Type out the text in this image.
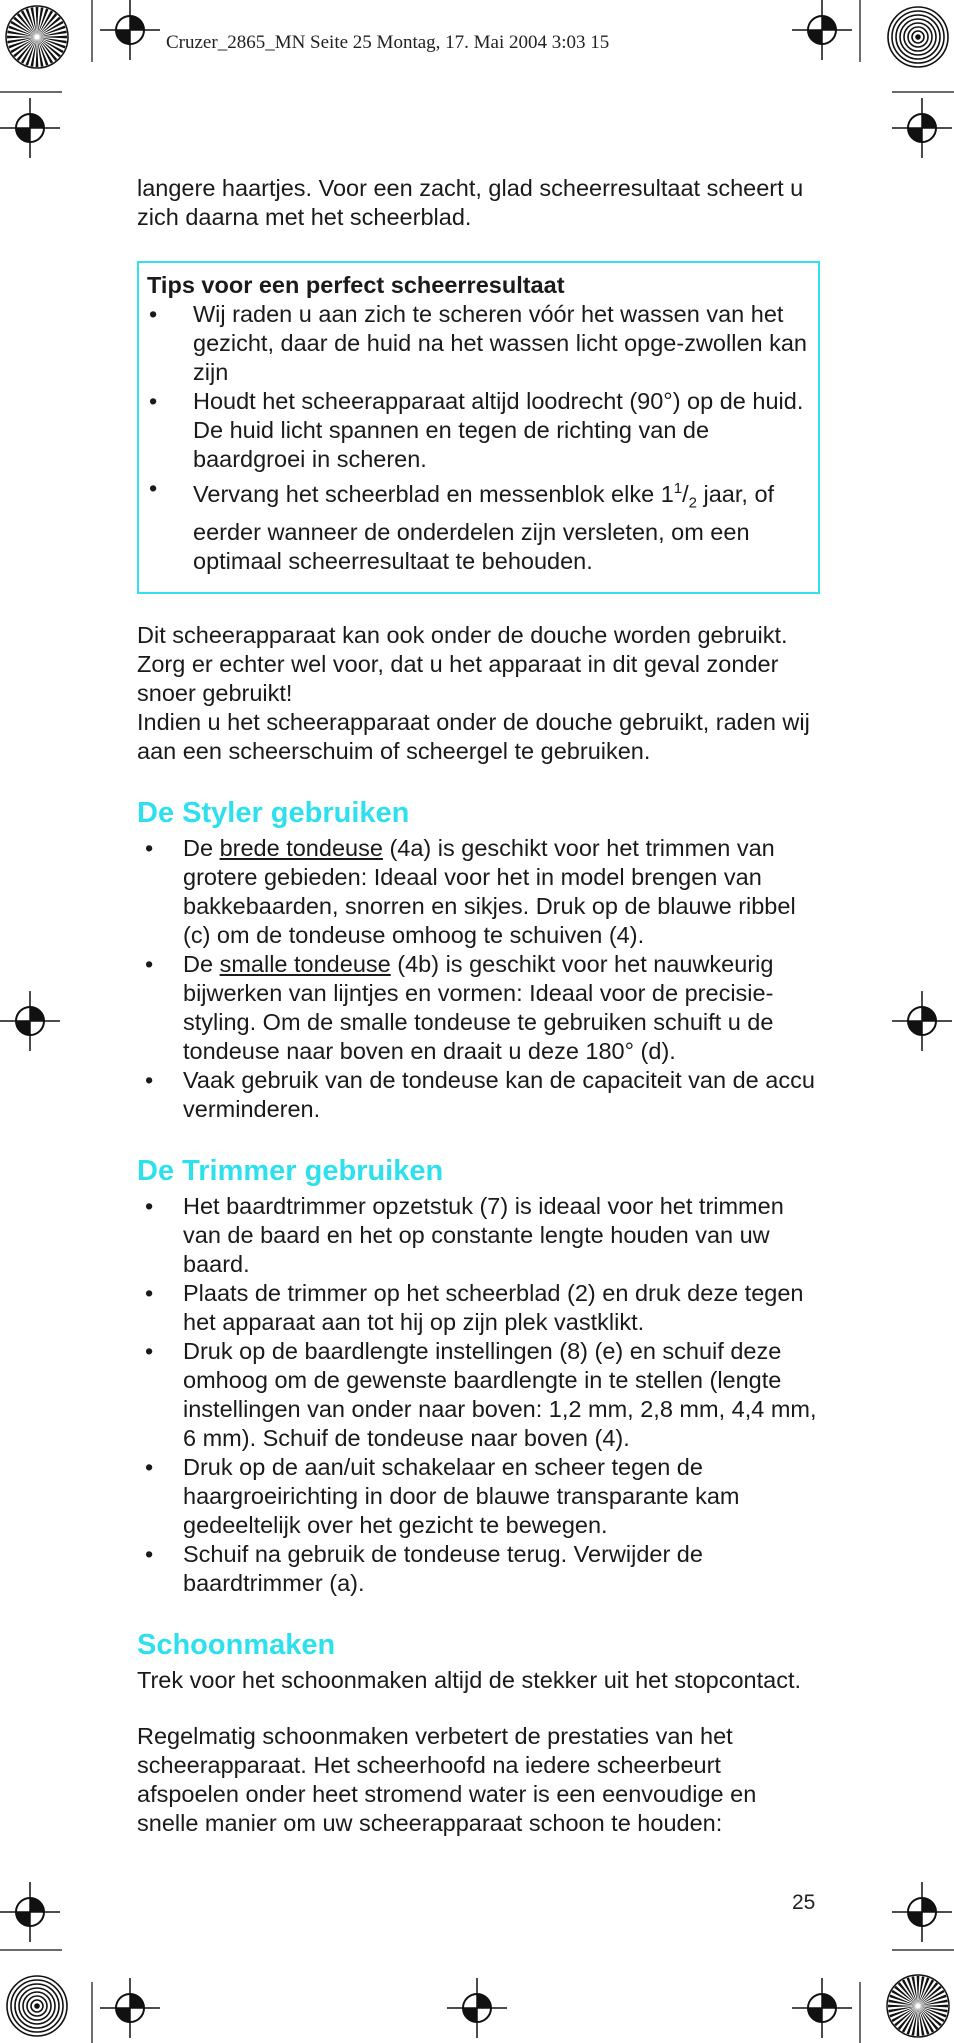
Cruzer_2865_MN Seite 25 Montag, 17. Mai 2004 3:03 15

langere haartjes. Voor een zacht, glad scheerresultaat scheert u zich daarna met het scheerblad.

Tips voor een perfect scheerresultaat
• Wij raden u aan zich te scheren vóór het wassen van het gezicht, daar de huid na het wassen licht opge-zwollen kan zijn
• Houdt het scheerapparaat altijd loodrecht (90°) op de huid. De huid licht spannen en tegen de richting van de baardgroei in scheren.
• Vervang het scheerblad en messenblok elke $1^1/_2$ jaar, of eerder wanneer de onderdelen zijn versleten, om een optimaal scheerresultaat te behouden.

Dit scheerapparaat kan ook onder de douche worden gebruikt. Zorg er echter wel voor, dat u het apparaat in dit geval zonder snoer gebruikt!

Indien u het scheerapparaat onder de douche gebruikt, raden wij aan een scheerschuim of scheergel te gebruiken.

De Styler gebruiken
• De brede tondeuse (4a) is geschikt voor het trimmen van grotere gebieden: Ideaal voor het in model brengen van bakkebaarden, snorren en sikjes. Druk op de blauwe ribbel (c) om de tondeuse omhoog te schuiven (4).
• De smalle tondeuse (4b) is geschikt voor het nauwkeurig bijwerken van lijntjes en vormen: Ideaal voor de precisie-styling. Om de smalle tondeuse te gebruiken schuift u de tondeuse naar boven en draait u deze 180° (d).
• Vaak gebruik van de tondeuse kan de capaciteit van de accu verminderen.
De Trimmer gebruiken
• Het baardtrimmer opzetstuk (7) is ideaal voor het trimmen van de baard en het op constante lengte houden van uw baard.
• Plaats de trimmer op het scheerblad (2) en druk deze tegen het apparaat aan tot hij op zijn plek vastklikt.
• Druk op de baardlengte instellingen (8) (e) en schuif deze omhoog om de gewenste baardlengte in te stellen (lengte instellingen van onder naar boven: 1,2 mm, 2,8 mm, 4,4 mm, 6 mm). Schuif de tondeuse naar boven (4).
• Druk op de aan/uit schakelaar en scheer tegen de haargroeirichting in door de blauwe transparante kam gedeeltelijk over het gezicht te bewegen.
• Schuif na gebruik de tondeuse terug. Verwijder de baardtrimmer (a).
Schoonmaken

Trek voor het schoonmaken altijd de stekker uit het stopcontact.

Regelmatig schoonmaken verbetert de prestaties van het scheerapparaat. Het scheerhoofd na iedere scheerbeurt afspoelen onder heet stromend water is een eenvoudige en snelle manier om uw scheerapparaat schoon te houden:

25
